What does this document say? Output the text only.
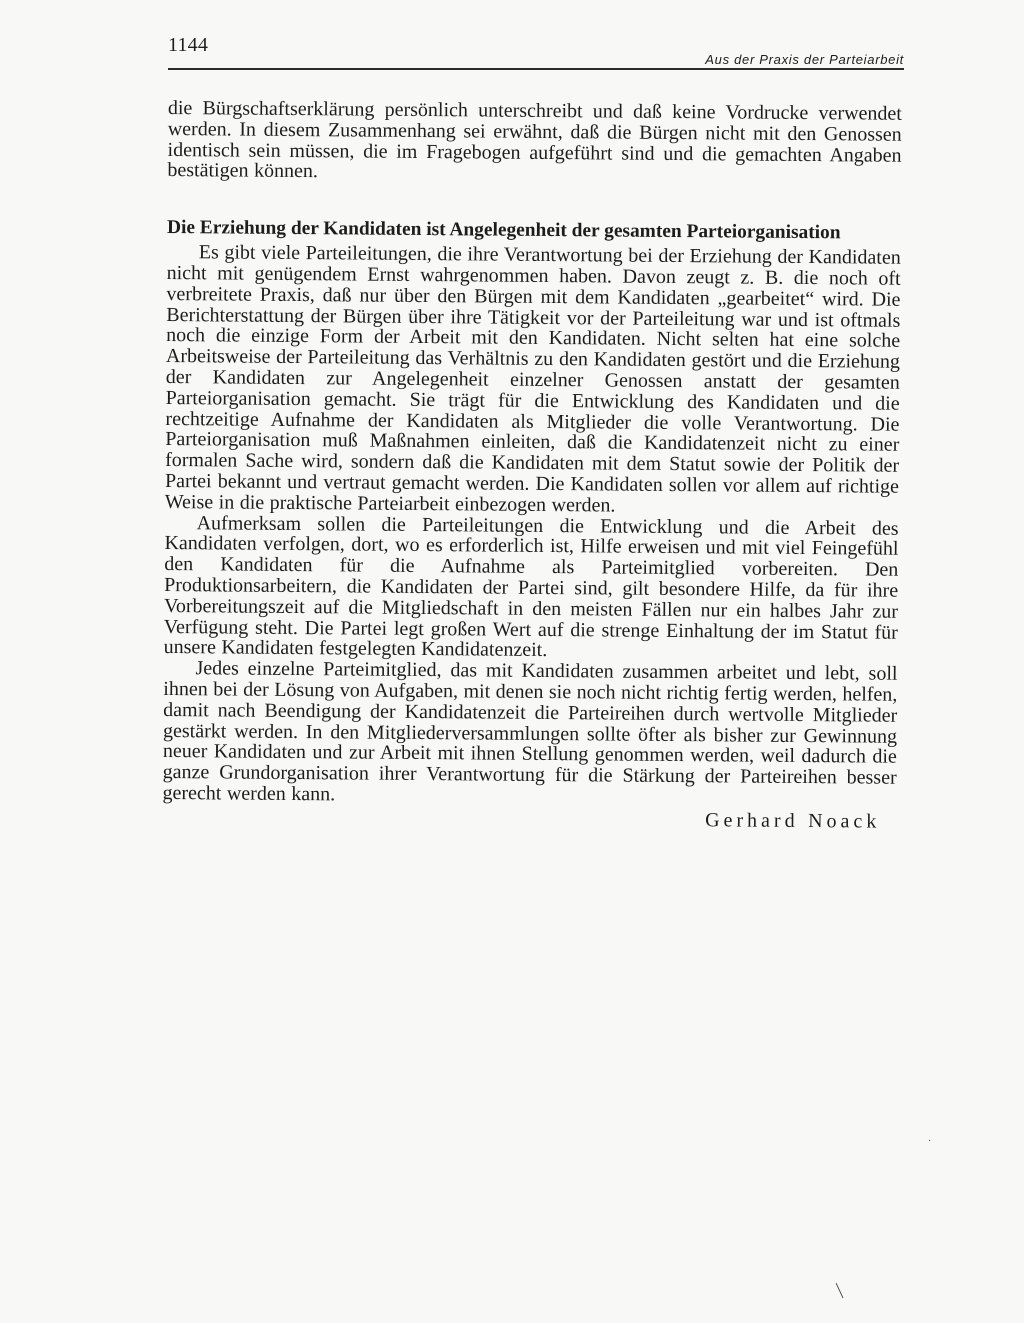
1144
Aus der Praxis der Parteiarbeit

die Bürgschaftserklärung persönlich unterschreibt und daß keine Vordrucke verwendet werden. In diesem Zusammenhang sei erwähnt, daß die Bürgen nicht mit den Genossen identisch sein müssen, die im Fragebogen aufgeführt sind und die gemachten Angaben bestätigen können.

Die Erziehung der Kandidaten ist Angelegenheit der gesamten Parteiorganisation

Es gibt viele Parteileitungen, die ihre Verantwortung bei der Erziehung der Kandidaten nicht mit genügendem Ernst wahrgenommen haben. Davon zeugt z. B. die noch oft verbreitete Praxis, daß nur über den Bürgen mit dem Kandidaten „gearbeitet“ wird. Die Berichterstattung der Bürgen über ihre Tätigkeit vor der Parteileitung war und ist oftmals noch die einzige Form der Arbeit mit den Kandidaten. Nicht selten hat eine solche Arbeitsweise der Parteileitung das Verhältnis zu den Kandidaten gestört und die Erziehung der Kandidaten zur Angelegenheit einzelner Genossen anstatt der gesamten Parteiorganisation gemacht. Sie trägt für die Entwicklung des Kandidaten und die rechtzeitige Aufnahme der Kandidaten als Mitglieder die volle Verantwortung. Die Parteiorganisation muß Maßnahmen einleiten, daß die Kandidatenzeit nicht zu einer formalen Sache wird, sondern daß die Kandidaten mit dem Statut sowie der Politik der Partei bekannt und vertraut gemacht werden. Die Kandidaten sollen vor allem auf richtige Weise in die praktische Parteiarbeit einbezogen werden.

Aufmerksam sollen die Parteileitungen die Entwicklung und die Arbeit des Kandidaten verfolgen, dort, wo es erforderlich ist, Hilfe erweisen und mit viel Feingefühl den Kandidaten für die Aufnahme als Parteimitglied vorbereiten. Den Produktionsarbeitern, die Kandidaten der Partei sind, gilt besondere Hilfe, da für ihre Vorbereitungszeit auf die Mitgliedschaft in den meisten Fällen nur ein halbes Jahr zur Verfügung steht. Die Partei legt großen Wert auf die strenge Einhaltung der im Statut für unsere Kandidaten festgelegten Kandidatenzeit.

Jedes einzelne Parteimitglied, das mit Kandidaten zusammen arbeitet und lebt, soll ihnen bei der Lösung von Aufgaben, mit denen sie noch nicht richtig fertig werden, helfen, damit nach Beendigung der Kandidatenzeit die Parteireihen durch wertvolle Mitglieder gestärkt werden. In den Mitgliederversammlungen sollte öfter als bisher zur Gewinnung neuer Kandidaten und zur Arbeit mit ihnen Stellung genommen werden, weil dadurch die ganze Grundorganisation ihrer Verantwortung für die Stärkung der Parteireihen besser gerecht werden kann.

Gerhard Noack

·
|
